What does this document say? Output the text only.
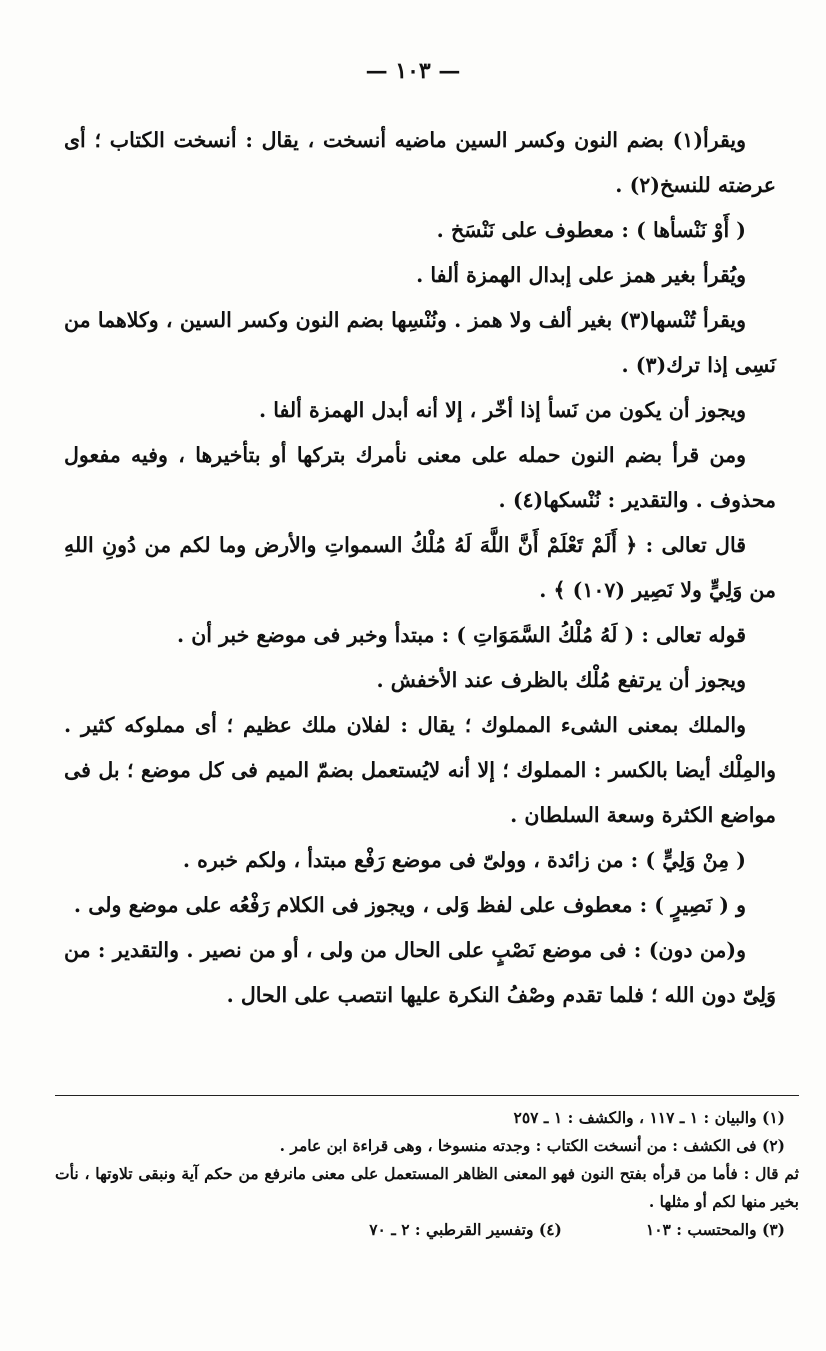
— ١٠٣ —

ويقرأ(١) بضم النون وكسر السين ماضيه أنسخت ، يقال : أنسخت الكتاب ؛ أى عرضته للنسخ(٢) .

( أَوْ نَنْسأها ) : معطوف على نَنْسَخ .

ويُقرأ بغير همز على إبدال الهمزة ألفا .

ويقرأ تُنْسها(٣) بغير ألف ولا همز . ونُنْسِها بضم النون وكسر السين ، وكلاهما من نَسِى إذا ترك(٣) .

ويجوز أن يكون من نَسأ إذا أخّر ، إلا أنه أبدل الهمزة ألفا .

ومن قرأ بضم النون حمله على معنى نأمرك بتركها أو بتأخيرها ، وفيه مفعول محذوف . والتقدير : نُنْسكها(٤) .

قال تعالى : ﴿ أَلَمْ تَعْلَمْ أَنَّ اللَّهَ لَهُ مُلْكُ السمواتِ والأرض وما لكم من دُونِ اللهِ من وَلِيٍّ ولا نَصِير (١٠٧) ﴾ .

قوله تعالى : ( لَهُ مُلْكُ السَّمَوَاتِ ) : مبتدأ وخبر فى موضع خبر أن .

ويجوز أن يرتفع مُلْك بالظرف عند الأخفش .

والملك بمعنى الشىء المملوك ؛ يقال : لفلان ملك عظيم ؛ أى مملوكه كثير . والمِلْك أيضا بالكسر : المملوك ؛ إلا أنه لايُستعمل بضمّ الميم فى كل موضع ؛ بل فى مواضع الكثرة وسعة السلطان .

( مِنْ وَلِيٍّ ) : من زائدة ، وولىّ فى موضع رَفْع مبتدأ ، ولكم خبره .

و ( نَصِيرٍ ) : معطوف على لفظ وَلى ، ويجوز فى الكلام رَفْعُه على موضع ولى .

و(من دون) : فى موضع نَصْبٍ على الحال من ولى ، أو من نصير . والتقدير : من وَلِىّ دون الله ؛ فلما تقدم وصْفُ النكرة عليها انتصب على الحال .

(١) والبيان : ١ ـ ١١٧ ، والكشف : ١ ـ ٢٥٧

(٢) فى الكشف : من أنسخت الكتاب : وجدته منسوخا ، وهى قراءة ابن عامر .

ثم قال : فأما من قرأه بفتح النون فهو المعنى الظاهر المستعمل على معنى مانرفع من حكم آية ونبقى تلاوتها ، نأت بخير منها لكم أو مثلها .

(٣) والمحتسب : ١٠٣
(٤) وتفسير القرطبي : ٢ ـ ٧٠
